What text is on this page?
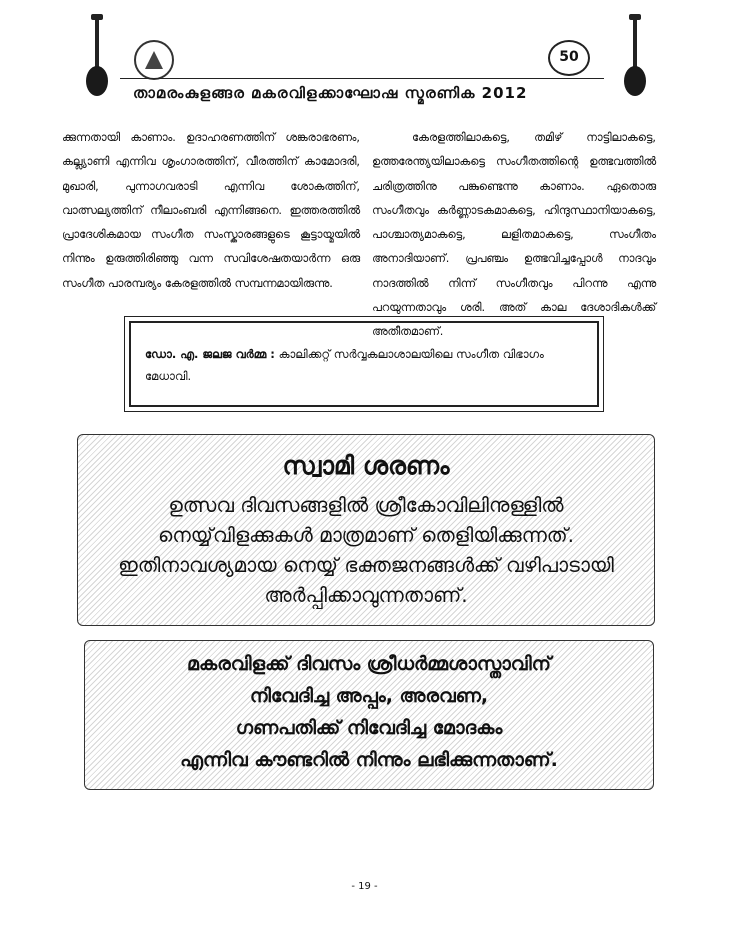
50
താമരംകുളങ്ങര മകരവിളക്കാഘോഷ സ്മരണിക 2012

ക്കുന്നതായി കാണാം. ഉദാഹരണത്തിന് ശങ്കരാഭരണം, കല്ല്യാണി എന്നിവ ശൃംഗാരത്തിന്, വീരത്തിന് കാമോദരി, മുഖാരി, പുന്നാഗവരാടി എന്നിവ ശോകത്തിന്, വാത്സല്യത്തിന് നീലാംബരി എന്നിങ്ങനെ. ഇത്തരത്തിൽ പ്രാദേശികമായ സംഗീത സംസ്കാരങ്ങളുടെ കൂട്ടായ്മയിൽ നിന്നും ഉരുത്തിരിഞ്ഞു വന്ന സവിശേഷതയാർന്ന ഒരു സംഗീത പാരമ്പര്യം കേരളത്തിൽ സമ്പന്നമായിരുന്നു.

കേരളത്തിലാകട്ടെ, തമിഴ് നാട്ടിലാകട്ടെ, ഉത്തരേന്ത്യയിലാകട്ടെ സംഗീതത്തിന്റെ ഉത്ഭവത്തിൽ ചരിത്രത്തിനു പങ്കുണ്ടെന്നു കാണാം. ഏതൊരു സംഗീതവും കർണ്ണാടകമാകട്ടെ, ഹിന്ദുസ്ഥാനിയാകട്ടെ, പാശ്ചാത്യമാകട്ടെ, ലളിതമാകട്ടെ, സംഗീതം അനാദിയാണ്. പ്രപഞ്ചം ഉത്ഭവിച്ചപ്പോൾ നാദവും നാദത്തിൽ നിന്ന് സംഗീതവും പിറന്നു എന്നു പറയുന്നതാവും ശരി. അത് കാല ദേശാദികൾക്ക് അതീതമാണ്.

ഡോ. എ. ജലജ വർമ്മ : കാലിക്കറ്റ് സർവ്വകലാശാലയിലെ സംഗീത വിഭാഗം മേധാവി.
സ്വാമി ശരണം
ഉത്സവ ദിവസങ്ങളിൽ ശ്രീകോവിലിനുള്ളിൽ
നെയ്യ്‌വിളക്കുകൾ മാത്രമാണ് തെളിയിക്കുന്നത്.
ഇതിനാവശ്യമായ നെയ്യ് ഭക്തജനങ്ങൾക്ക് വഴിപാടായി
അർപ്പിക്കാവുന്നതാണ്.
മകരവിളക്ക് ദിവസം ശ്രീധർമ്മശാസ്താവിന്
നിവേദിച്ച അപ്പം, അരവണ,
ഗണപതിക്ക് നിവേദിച്ച മോദകം
എന്നിവ കൗണ്ടറിൽ നിന്നും ലഭിക്കുന്നതാണ്.
- 19 -
